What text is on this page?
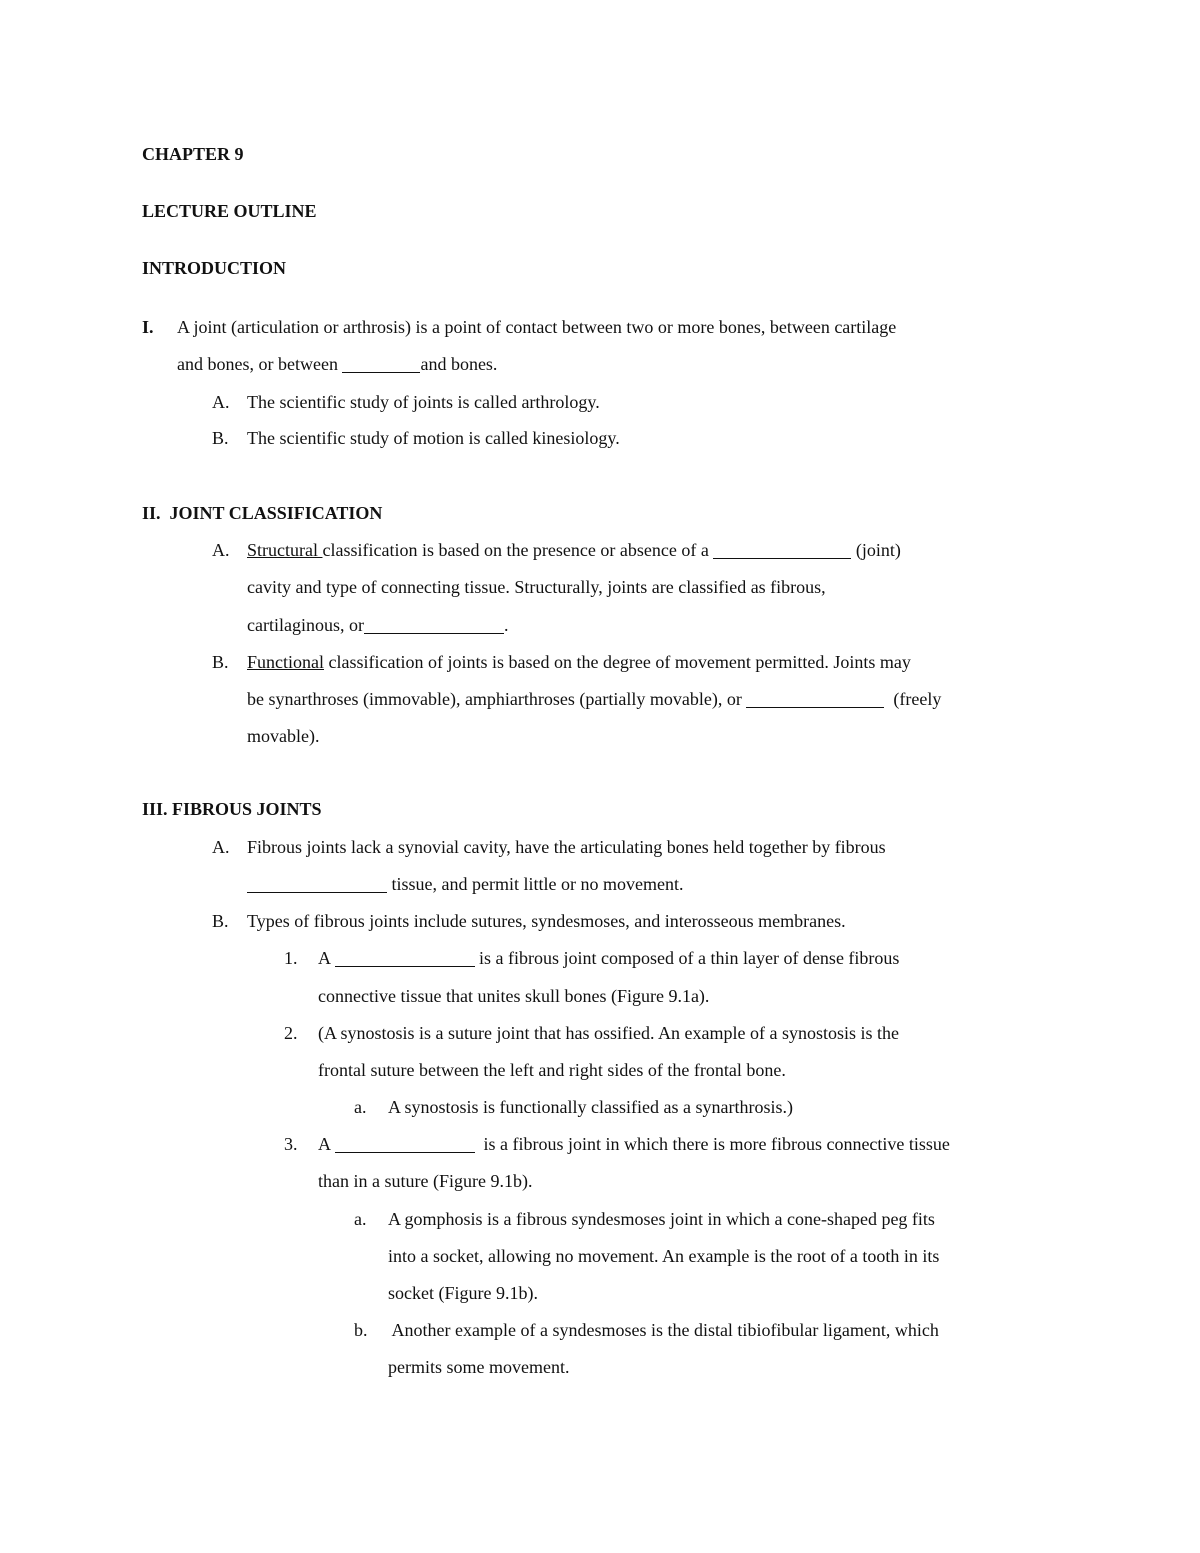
CHAPTER 9
LECTURE OUTLINE
INTRODUCTION
I. A joint (articulation or arthrosis) is a point of contact between two or more bones, between cartilage
and bones, or between	and bones.
A. The scientific study of joints is called arthrology.
B. The scientific study of motion is called kinesiology.
II.  JOINT CLASSIFICATION
A. Structural classification is based on the presence or absence of a	(joint)
cavity and type of connecting tissue. Structurally, joints are classified as fibrous,
cartilaginous, or	.
B. Functional classification of joints is based on the degree of movement permitted. Joints may
be synarthroses (immovable), amphiarthroses (partially movable), or	(freely
movable).
III. FIBROUS JOINTS
A. Fibrous joints lack a synovial cavity, have the articulating bones held together by fibrous
tissue, and permit little or no movement.
B. Types of fibrous joints include sutures, syndesmoses, and interosseous membranes.
1. A	is a fibrous joint composed of a thin layer of dense fibrous
connective tissue that unites skull bones (Figure 9.1a).
2. (A synostosis is a suture joint that has ossified. An example of a synostosis is the
frontal suture between the left and right sides of the frontal bone.
a. A synostosis is functionally classified as a synarthrosis.)
3. A	is a fibrous joint in which there is more fibrous connective tissue
than in a suture (Figure 9.1b).
a. A gomphosis is a fibrous syndesmoses joint in which a cone-shaped peg fits
into a socket, allowing no movement. An example is the root of a tooth in its
socket (Figure 9.1b).
b. Another example of a syndesmoses is the distal tibiofibular ligament, which
permits some movement.
